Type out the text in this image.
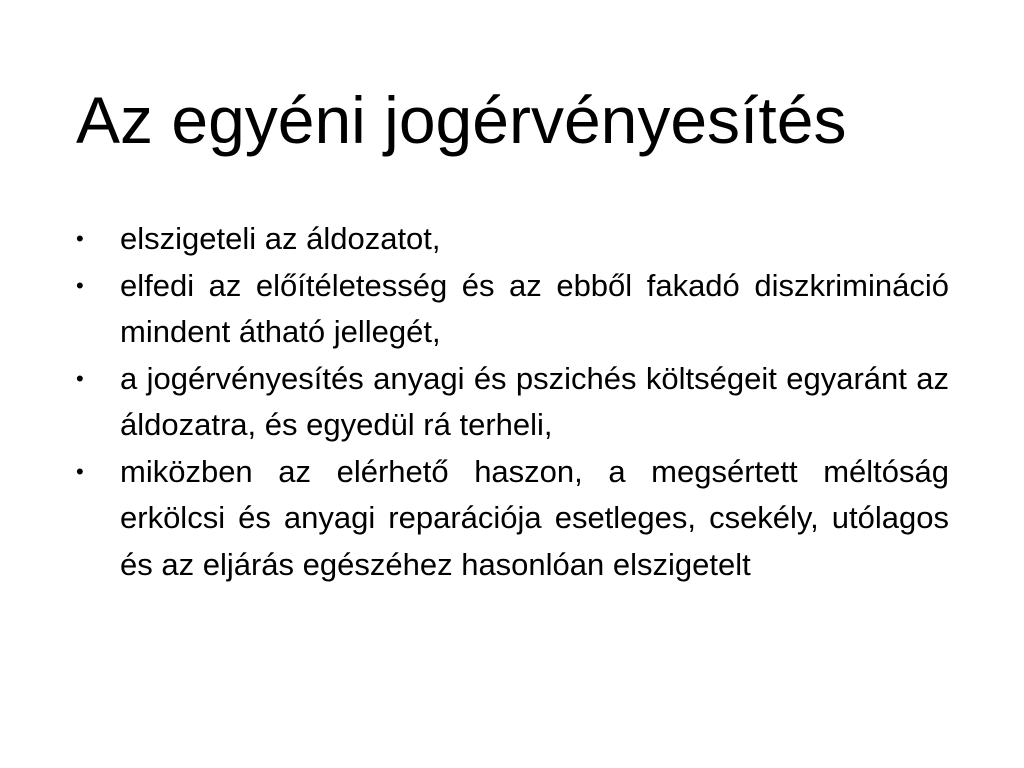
Az egyéni jogérvényesítés
•	elszigeteli az áldozatot,
•	elfedi az előítéletesség és az ebből fakadó diszkrimináció mindent átható jellegét,
•	a jogérvényesítés anyagi és pszichés költségeit egyaránt az áldozatra, és egyedül rá terheli,
•	miközben az elérhető haszon, a megsértett méltóság erkölcsi és anyagi reparációja esetleges, csekély, utólagos és az eljárás egészéhez hasonlóan elszigetelt
